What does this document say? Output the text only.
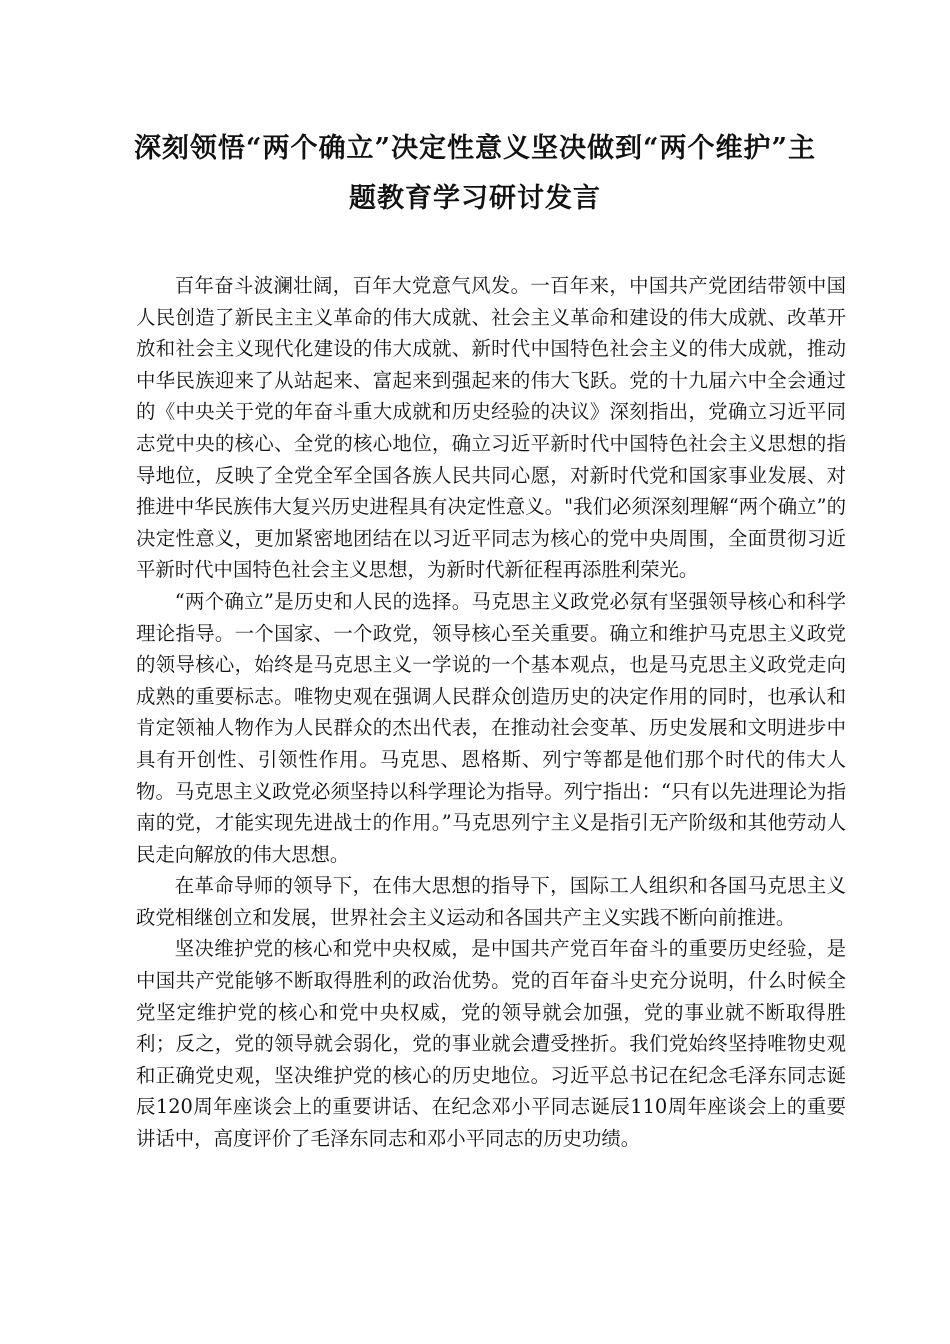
深刻领悟“两个确立”决定性意义坚决做到“两个维护”主题教育学习研讨发言

百年奋斗波澜壮阔，百年大党意气风发。一百年来，中国共产党团结带领中国人民创造了新民主主义革命的伟大成就、社会主义革命和建设的伟大成就、改革开放和社会主义现代化建设的伟大成就、新时代中国特色社会主义的伟大成就，推动中华民族迎来了从站起来、富起来到强起来的伟大飞跃。党的十九届六中全会通过的《中央关于党的年奋斗重大成就和历史经验的决议》深刻指出，党确立习近平同志党中央的核心、全党的核心地位，确立习近平新时代中国特色社会主义思想的指导地位，反映了全党全军全国各族人民共同心愿，对新时代党和国家事业发展、对推进中华民族伟大复兴历史进程具有决定性意义。"我们必须深刻理解“两个确立”的决定性意义，更加紧密地团结在以习近平同志为核心的党中央周围，全面贯彻习近平新时代中国特色社会主义思想，为新时代新征程再添胜利荣光。

“两个确立”是历史和人民的选择。马克思主义政党必氛有坚强领导核心和科学理论指导。一个国家、一个政党，领导核心至关重要。确立和维护马克思主义政党的领导核心，始终是马克思主义一学说的一个基本观点，也是马克思主义政党走向成熟的重要标志。唯物史观在强调人民群众创造历史的决定作用的同时，也承认和肯定领袖人物作为人民群众的杰出代表，在推动社会变革、历史发展和文明进步中具有开创性、引领性作用。马克思、恩格斯、列宁等都是他们那个时代的伟大人物。马克思主义政党必须坚持以科学理论为指导。列宁指出：“只有以先进理论为指南的党，才能实现先进战士的作用。”马克思列宁主义是指引无产阶级和其他劳动人民走向解放的伟大思想。

在革命导师的领导下，在伟大思想的指导下，国际工人组织和各国马克思主义政党相继创立和发展，世界社会主义运动和各国共产主义实践不断向前推进。

坚决维护党的核心和党中央权威，是中国共产党百年奋斗的重要历史经验，是中国共产党能够不断取得胜利的政治优势。党的百年奋斗史充分说明，什么时候全党坚定维护党的核心和党中央权威，党的领导就会加强，党的事业就不断取得胜利；反之，党的领导就会弱化，党的事业就会遭受挫折。我们党始终坚持唯物史观和正确党史观，坚决维护党的核心的历史地位。习近平总书记在纪念毛泽东同志诞辰120周年座谈会上的重要讲话、在纪念邓小平同志诞辰110周年座谈会上的重要讲话中，高度评价了毛泽东同志和邓小平同志的历史功绩。
